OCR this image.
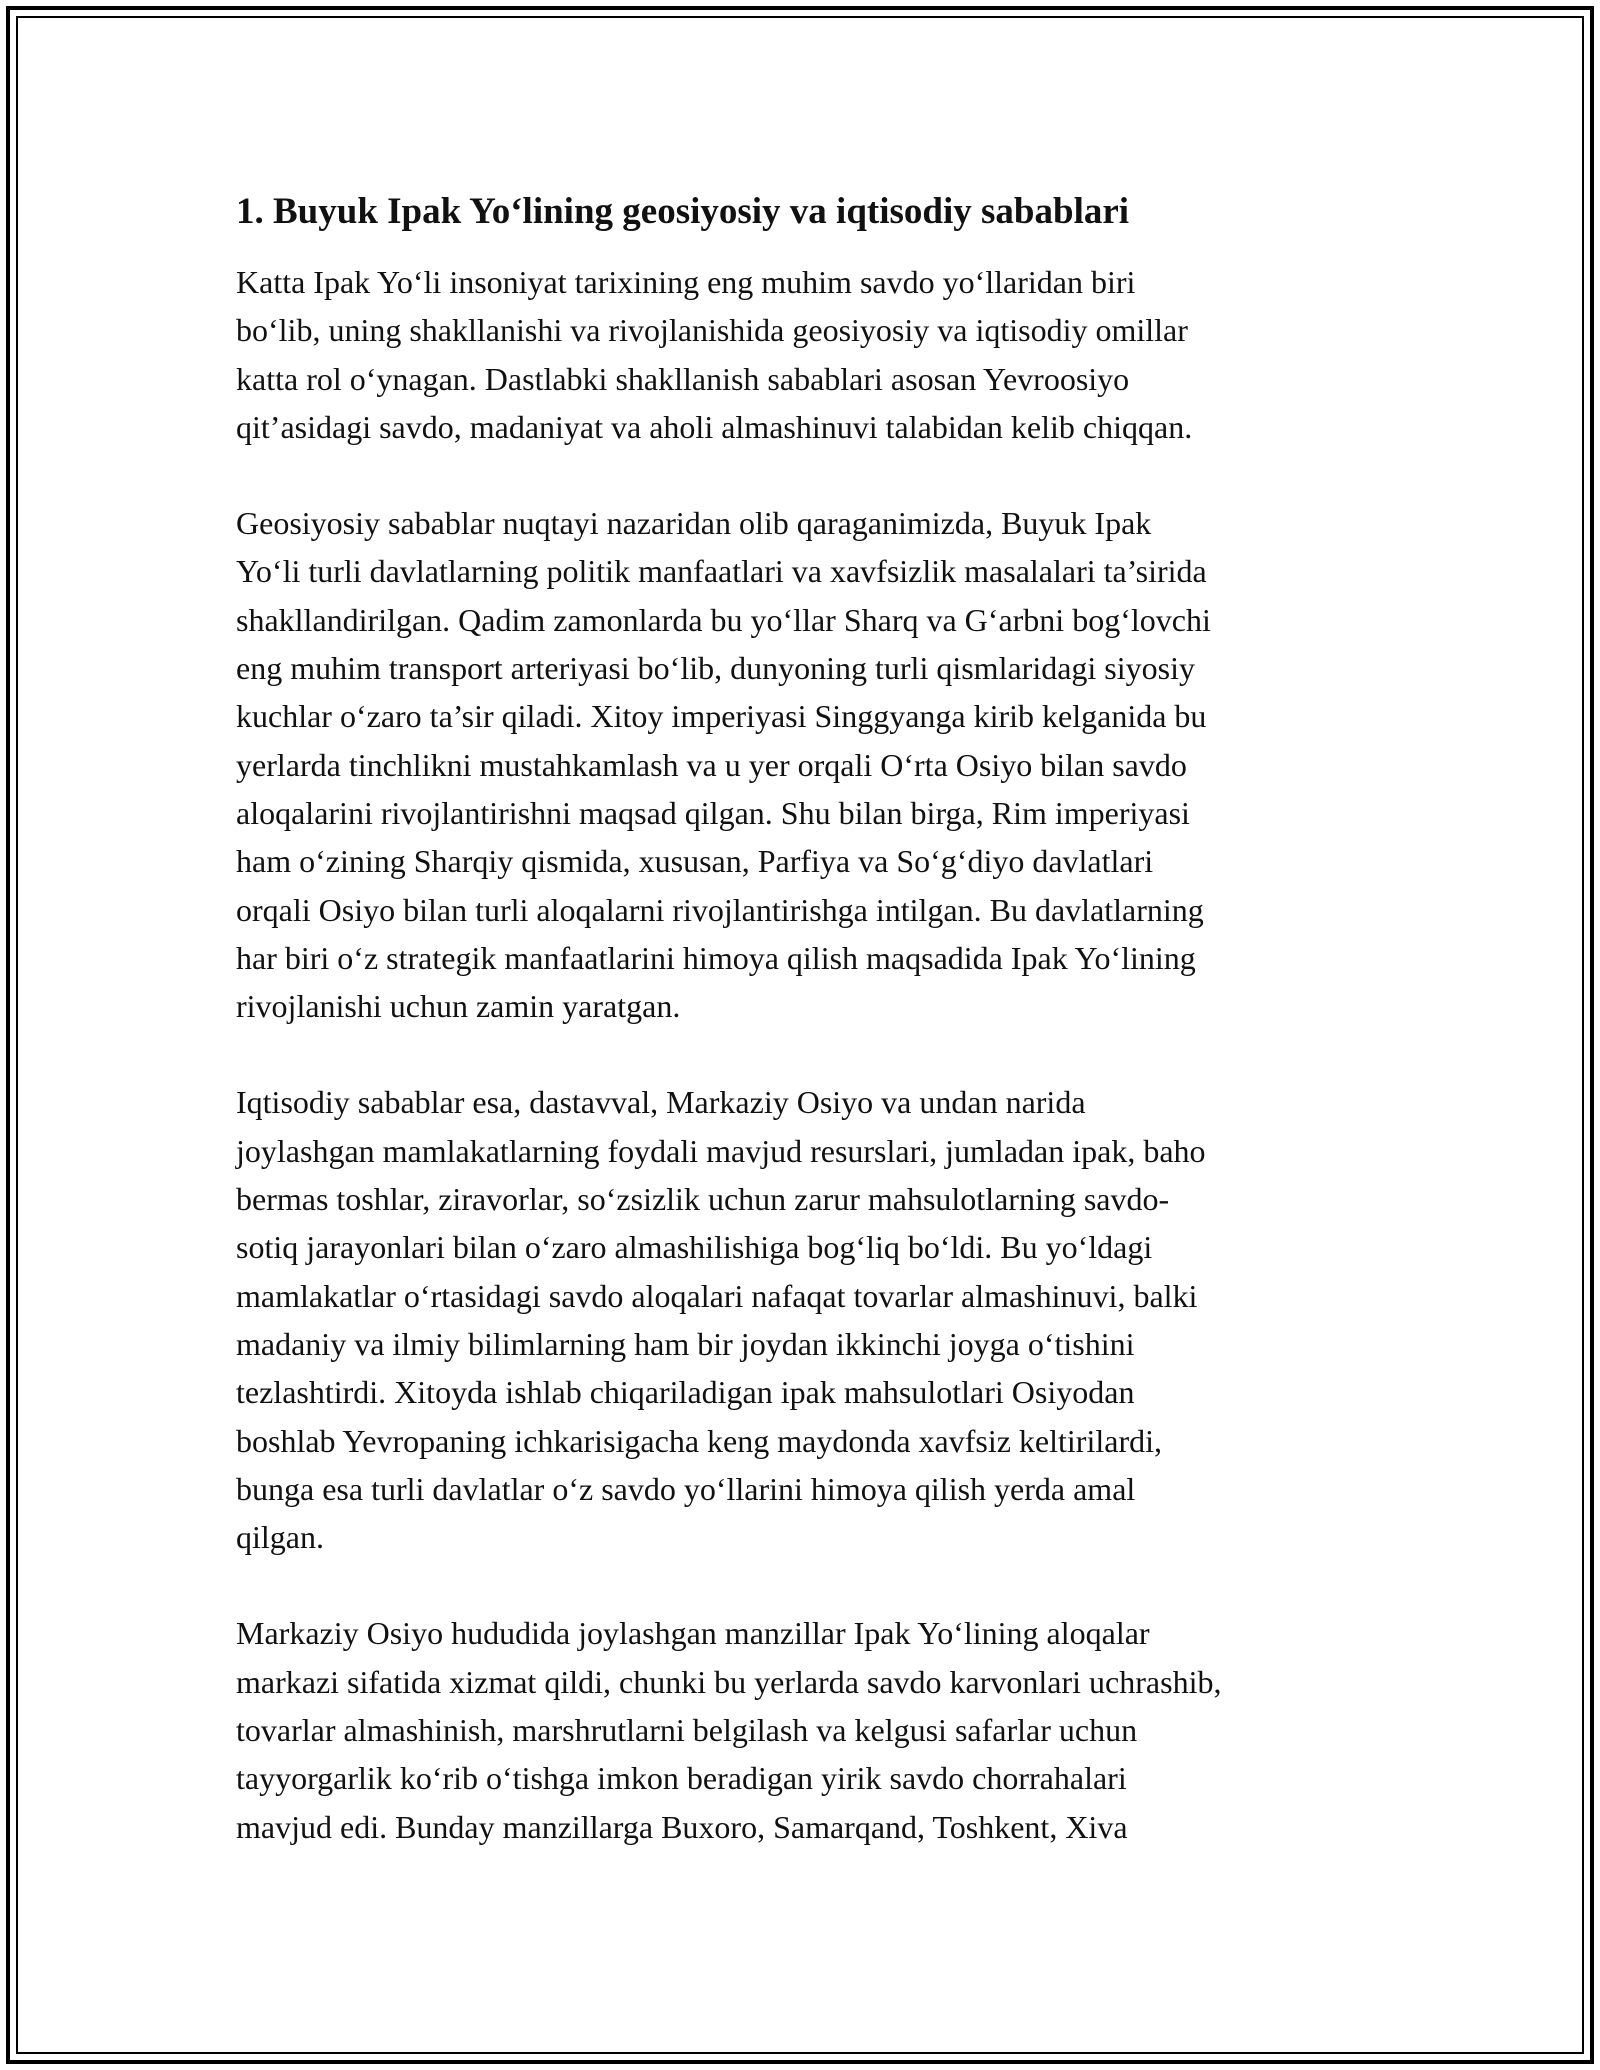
1. Buyuk Ipak Yo‘lining geosiyosiy va iqtisodiy sabablari
Katta Ipak Yo‘li insoniyat tarixining eng muhim savdo yo‘llaridan biri
bo‘lib, uning shakllanishi va rivojlanishida geosiyosiy va iqtisodiy omillar
katta rol o‘ynagan. Dastlabki shakllanish sabablari asosan Yevroosiyo
qit’asidagi savdo, madaniyat va aholi almashinuvi talabidan kelib chiqqan.
Geosiyosiy sabablar nuqtayi nazaridan olib qaraganimizda, Buyuk Ipak
Yo‘li turli davlatlarning politik manfaatlari va xavfsizlik masalalari ta’sirida
shakllandirilgan. Qadim zamonlarda bu yo‘llar Sharq va G‘arbni bog‘lovchi
eng muhim transport arteriyasi bo‘lib, dunyoning turli qismlaridagi siyosiy
kuchlar o‘zaro ta’sir qiladi. Xitoy imperiyasi Singgyanga kirib kelganida bu
yerlarda tinchlikni mustahkamlash va u yer orqali O‘rta Osiyo bilan savdo
aloqalarini rivojlantirishni maqsad qilgan. Shu bilan birga, Rim imperiyasi
ham o‘zining Sharqiy qismida, xususan, Parfiya va So‘g‘diyo davlatlari
orqali Osiyo bilan turli aloqalarni rivojlantirishga intilgan. Bu davlatlarning
har biri o‘z strategik manfaatlarini himoya qilish maqsadida Ipak Yo‘lining
rivojlanishi uchun zamin yaratgan.
Iqtisodiy sabablar esa, dastavval, Markaziy Osiyo va undan narida
joylashgan mamlakatlarning foydali mavjud resurslari, jumladan ipak, baho
bermas toshlar, ziravorlar, so‘zsizlik uchun zarur mahsulotlarning savdo-
sotiq jarayonlari bilan o‘zaro almashilishiga bog‘liq bo‘ldi. Bu yo‘ldagi
mamlakatlar o‘rtasidagi savdo aloqalari nafaqat tovarlar almashinuvi, balki
madaniy va ilmiy bilimlarning ham bir joydan ikkinchi joyga o‘tishini
tezlashtirdi. Xitoyda ishlab chiqariladigan ipak mahsulotlari Osiyodan
boshlab Yevropaning ichkarisigacha keng maydonda xavfsiz keltirilardi,
bunga esa turli davlatlar o‘z savdo yo‘llarini himoya qilish yerda amal
qilgan.
Markaziy Osiyo hududida joylashgan manzillar Ipak Yo‘lining aloqalar
markazi sifatida xizmat qildi, chunki bu yerlarda savdo karvonlari uchrashib,
tovarlar almashinish, marshrutlarni belgilash va kelgusi safarlar uchun
tayyorgarlik ko‘rib o‘tishga imkon beradigan yirik savdo chorrahalari
mavjud edi. Bunday manzillarga Buxoro, Samarqand, Toshkent, Xiva
